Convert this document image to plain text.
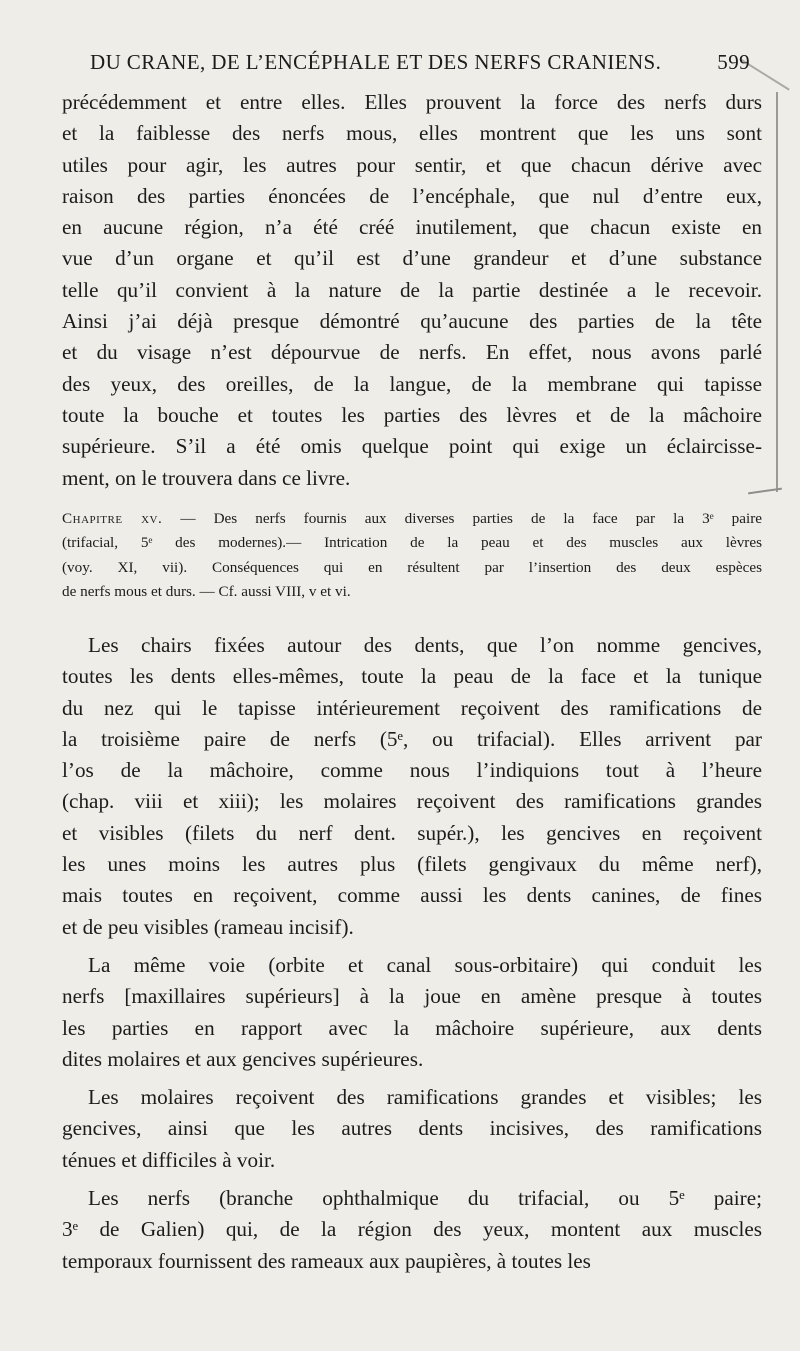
DU CRANE, DE L’ENCÉPHALE ET DES NERFS CRANIENS.	599
précédemment et entre elles. Elles prouvent la force des nerfs durs
et la faiblesse des nerfs mous, elles montrent que les uns sont
utiles pour agir, les autres pour sentir, et que chacun dérive avec
raison des parties énoncées de l’encéphale, que nul d’entre eux,
en aucune région, n’a été créé inutilement, que chacun existe en
vue d’un organe et qu’il est d’une grandeur et d’une substance
telle qu’il convient à la nature de la partie destinée a le recevoir.
Ainsi j’ai déjà presque démontré qu’aucune des parties de la tête
et du visage n’est dépourvue de nerfs. En effet, nous avons parlé
des yeux, des oreilles, de la langue, de la membrane qui tapisse
toute la bouche et toutes les parties des lèvres et de la mâchoire
supérieure. S’il a été omis quelque point qui exige un éclaircisse-
ment, on le trouvera dans ce livre.
Chapitre xv. — Des nerfs fournis aux diverses parties de la face par la 3ᵉ paire
(trifacial, 5ᵉ des modernes).— Intrication de la peau et des muscles aux lèvres
(voy. XI, vii). Conséquences qui en résultent par l’insertion des deux espèces
de nerfs mous et durs. — Cf. aussi VIII, v et vi.
Les chairs fixées autour des dents, que l’on nomme gencives,
toutes les dents elles-mêmes, toute la peau de la face et la tunique
du nez qui le tapisse intérieurement reçoivent des ramifications de
la troisième paire de nerfs (5ᵉ, ou trifacial). Elles arrivent par
l’os de la mâchoire, comme nous l’indiquions tout à l’heure
(chap. viii et xiii); les molaires reçoivent des ramifications grandes
et visibles (filets du nerf dent. supér.), les gencives en reçoivent
les unes moins les autres plus (filets gengivaux du même nerf),
mais toutes en reçoivent, comme aussi les dents canines, de fines
et de peu visibles (rameau incisif).
La même voie (orbite et canal sous-orbitaire) qui conduit les
nerfs [maxillaires supérieurs] à la joue en amène presque à toutes
les parties en rapport avec la mâchoire supérieure, aux dents
dites molaires et aux gencives supérieures.
Les molaires reçoivent des ramifications grandes et visibles; les
gencives, ainsi que les autres dents incisives, des ramifications
ténues et difficiles à voir.
Les nerfs (branche ophthalmique du trifacial, ou 5ᵉ paire;
3ᵉ de Galien) qui, de la région des yeux, montent aux muscles
temporaux fournissent des rameaux aux paupières, à toutes les
